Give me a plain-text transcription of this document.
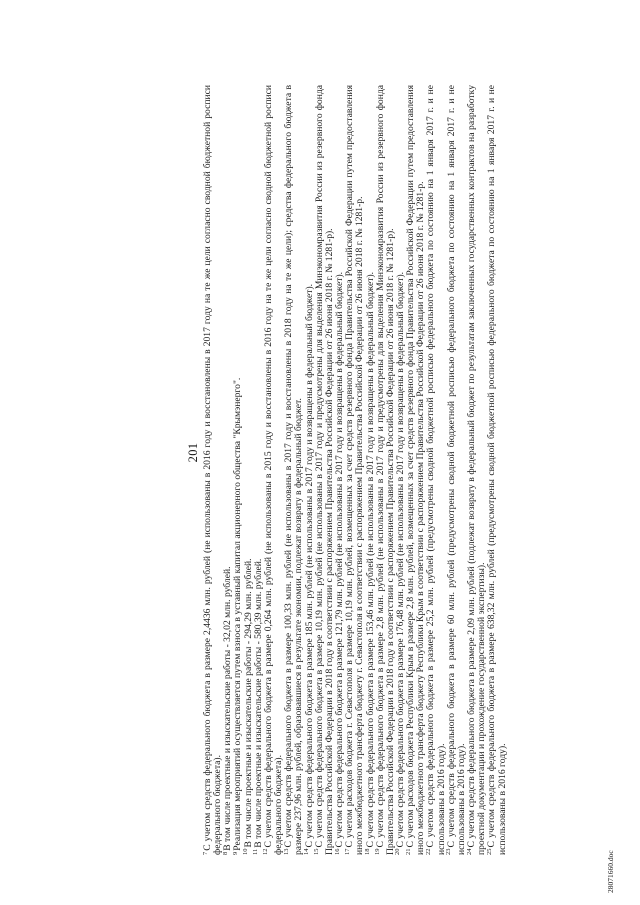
201

$^7$С учетом средств федерального бюджета в размере 2,4436 млн. рублей (не использованы в 2016 году и восстановлены в 2017 году на те же цели согласно сводной бюджетной росписи федерального бюджета).

$^8$В том числе проектные и изыскательские работы - 32,02 млн. рублей.

$^9$Реализация мероприятий осуществляется путем взноса в уставный капитал акционерного общества "Крымэнерго".

$^{10}$В том числе проектные и изыскательские работы - 294,29 млн. рублей.

$^{11}$В том числе проектные и изыскательские работы - 580,39 млн. рублей.

$^{12}$С учетом средств федерального бюджета в размере 0,264 млн. рублей (не использованы в 2015 году и восстановлены в 2016 году на те же цели согласно сводной бюджетной росписи федерального бюджета).

$^{13}$С учетом средств федерального бюджета в размере 100,33 млн. рублей (не использованы в 2017 году и восстановлены в 2018 году на те же цели); средства федерального бюджета в размере 237,96 млн. рублей, образовавшиеся в результате экономии, подлежат возврату в федеральный бюджет.

$^{14}$С учетом средств федерального бюджета в размере 185 млн. рублей (не использованы в 2017 году и возвращены в федеральный бюджет).

$^{15}$С учетом средств федерального бюджета в размере 10,19 млн. рублей (не использованы в 2017 году и предусмотрены для выделения Минэкономразвития России из резервного фонда Правительства Российской Федерации в 2018 году в соответствии с распоряжением Правительства Российской Федерации от 26 июня 2018 г. № 1281-р).

$^{16}$С учетом средств федерального бюджета в размере 121,79 млн. рублей (не использованы в 2017 году и возвращены в федеральный бюджет).

$^{17}$С учетом расходов бюджета г. Севастополя в размере 10,19 млн. рублей, возмещенных за счет средств резервного фонда Правительства Российской Федерации путем предоставления иного межбюджетного трансферта бюджету г. Севастополя в соответствии с распоряжением Правительства Российской Федерации от 26 июня 2018 г. № 1281-р.

$^{18}$С учетом средств федерального бюджета в размере 153,46 млн. рублей (не использованы в 2017 году и возвращены в федеральный бюджет).

$^{19}$С учетом средств федерального бюджета в размере 2,8 млн. рублей (не использованы в 2017 году и предусмотрены для выделения Минэкономразвития России из резервного фонда Правительства Российской Федерации в 2018 году в соответствии с распоряжением Правительства Российской Федерации от 26 июня 2018 г. № 1281-р).

$^{20}$С учетом средств федерального бюджета в размере 176,48 млн. рублей (не использованы в 2017 году и возвращены в федеральный бюджет).

$^{21}$С учетом расходов бюджета Республики Крым в размере 2,8 млн. рублей, возмещенных за счет средств резервного фонда Правительства Российской Федерации путем предоставления иного межбюджетного трансферта бюджету Республики Крым в соответствии с распоряжением Правительства Российской Федерации от 26 июня 2018 г. № 1281-р.

$^{22}$С учетом средств федерального бюджета в размере 25,2 млн. рублей (предусмотрены сводной бюджетной росписью федерального бюджета по состоянию на 1 января 2017 г. и не использованы в 2016 году).

$^{23}$С учетом средств федерального бюджета в размере 60 млн. рублей (предусмотрены сводной бюджетной росписью федерального бюджета по состоянию на 1 января 2017 г. и не использованы в 2016 году).

$^{24}$С учетом средств федерального бюджета в размере 2,09 млн. рублей (подлежат возврату в федеральный бюджет по результатам заключенных государственных контрактов на разработку проектной документации и прохождение государственной экспертизы).

$^{25}$С учетом средств федерального бюджета в размере 638,32 млн. рублей (предусмотрены сводной бюджетной росписью федерального бюджета по состоянию на 1 января 2017 г. и не использованы в 2016 году).

28071660.doc
